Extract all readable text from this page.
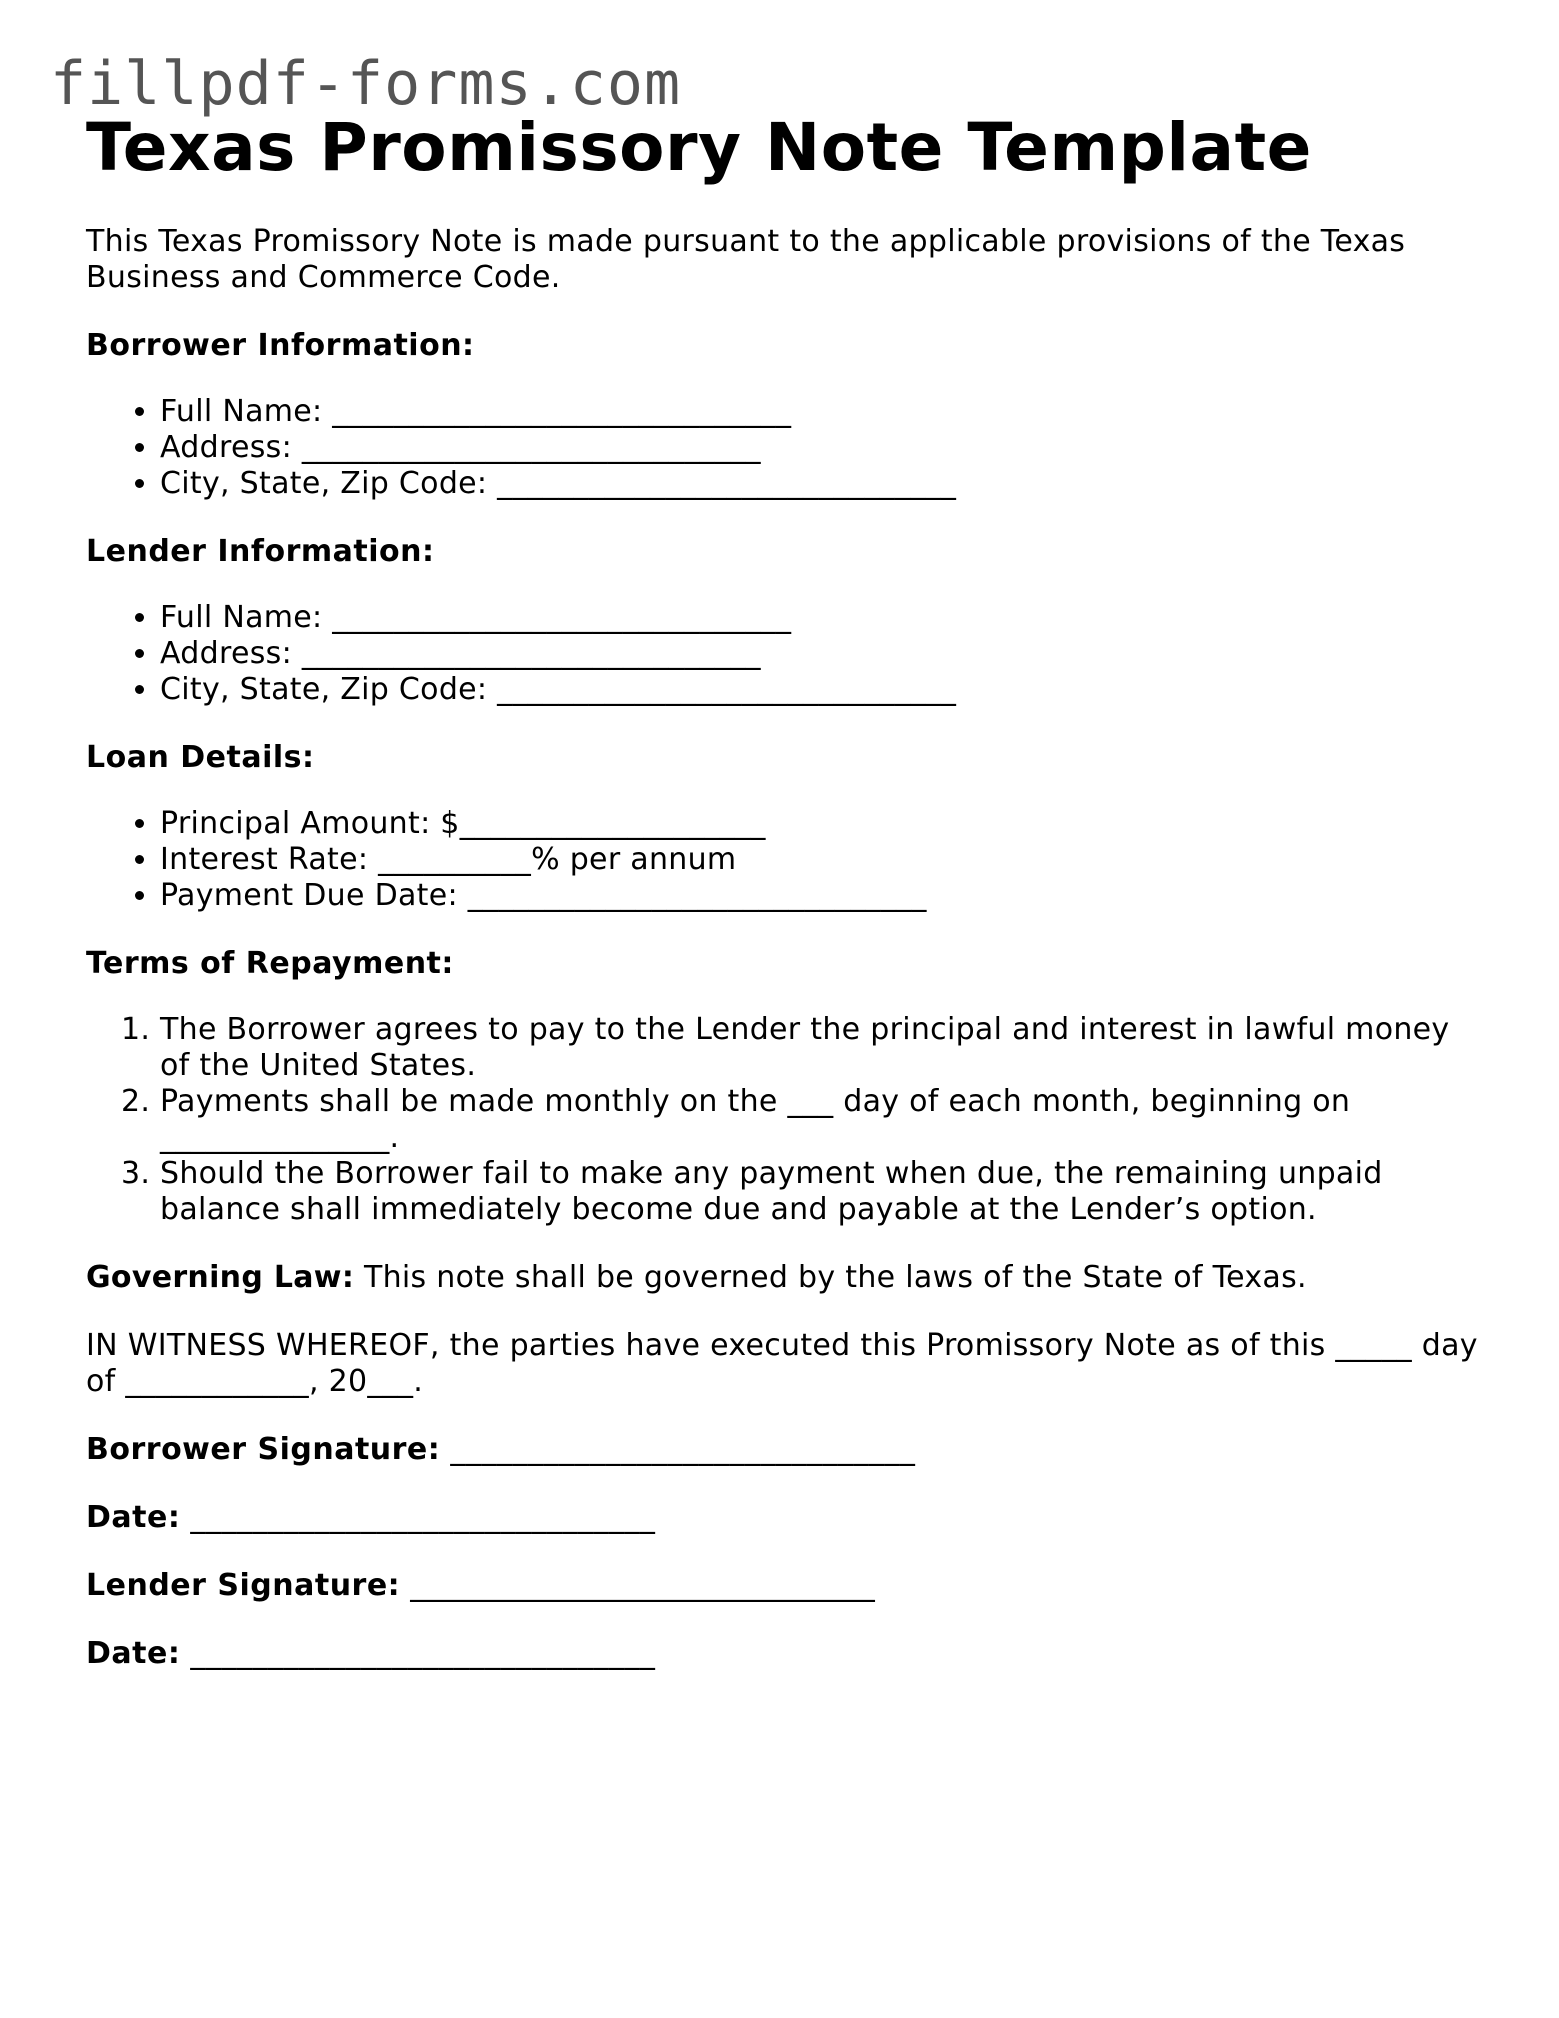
fillpdf-forms.com
Texas Promissory Note Template

This Texas Promissory Note is made pursuant to the applicable provisions of the Texas Business and Commerce Code.

Borrower Information:
• Full Name: ______________________________
• Address: ______________________________
• City, State, Zip Code: ______________________________
Lender Information:
• Full Name: ______________________________
• Address: ______________________________
• City, State, Zip Code: ______________________________
Loan Details:
• Principal Amount: $____________________
• Interest Rate: __________% per annum
• Payment Due Date: ______________________________
Terms of Repayment:
1. The Borrower agrees to pay to the Lender the principal and interest in lawful money of the United States.
2. Payments shall be made monthly on the ___ day of each month, beginning on _______________.
3. Should the Borrower fail to make any payment when due, the remaining unpaid balance shall immediately become due and payable at the Lender’s option.

Governing Law: This note shall be governed by the laws of the State of Texas.

IN WITNESS WHEREOF, the parties have executed this Promissory Note as of this _____ day of ____________, 20___.

Borrower Signature: ______________________________
Date: ______________________________
Lender Signature: ______________________________
Date: ______________________________
